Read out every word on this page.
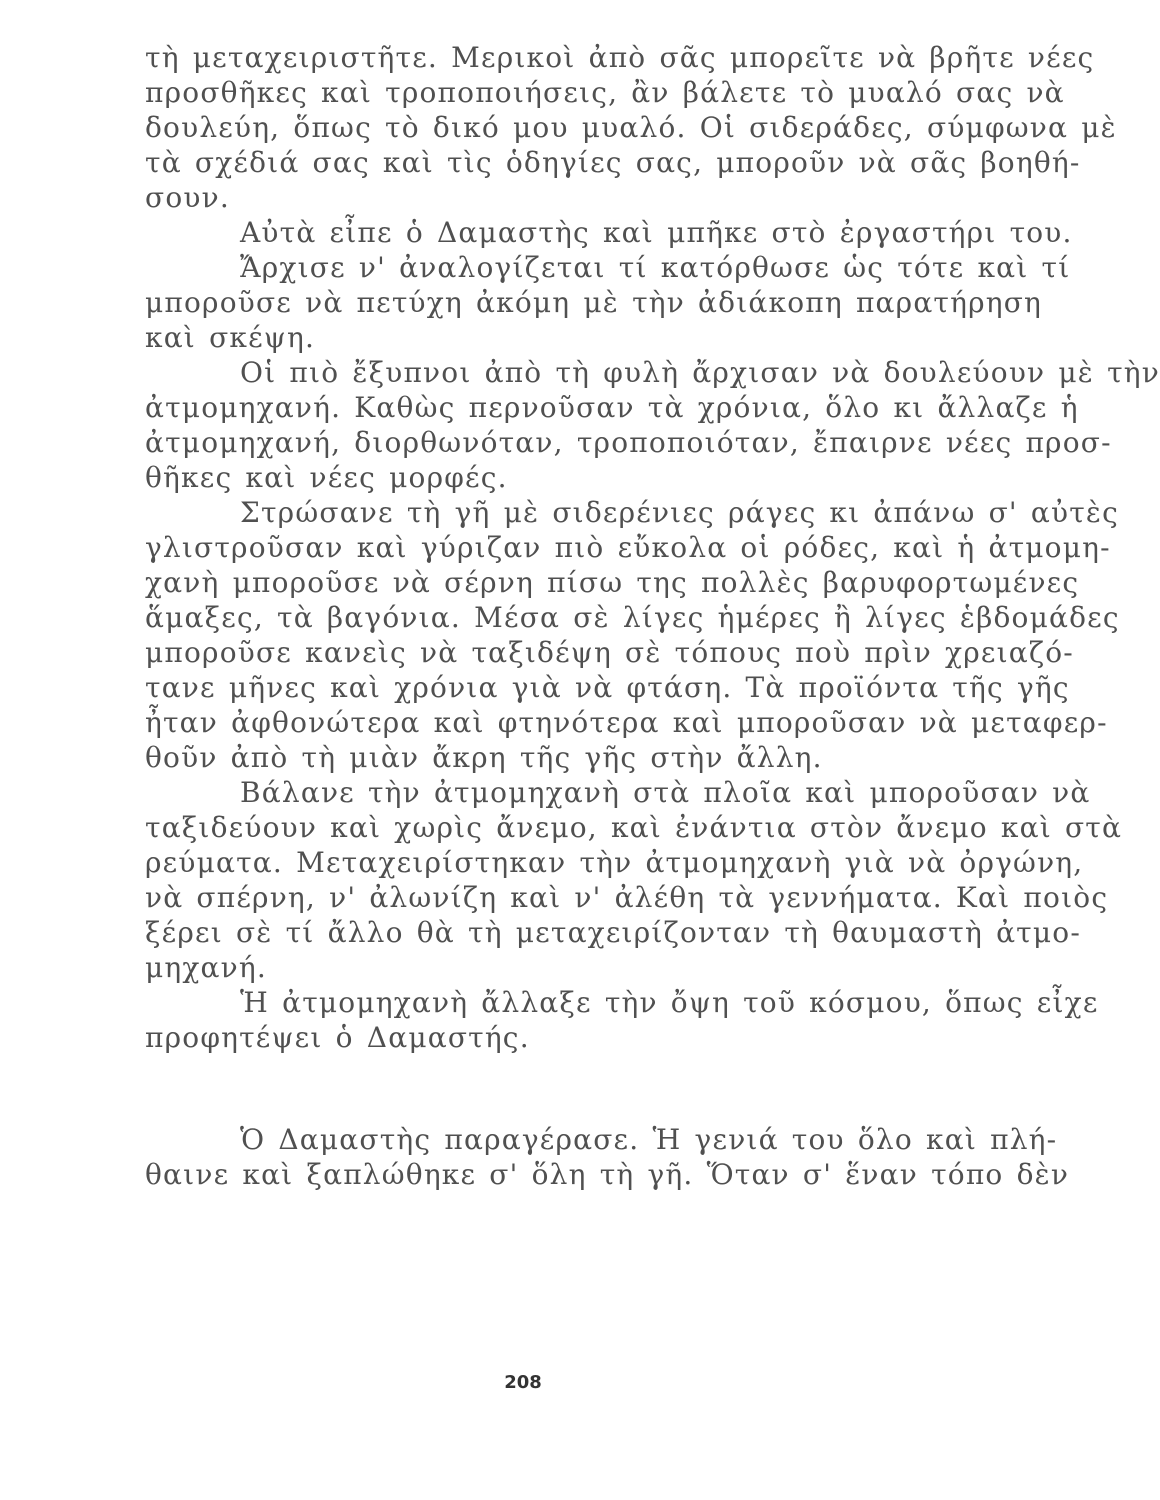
τὴ μεταχειριστῆτε. Μερικοὶ ἀπὸ σᾶς μπορεῖτε νὰ βρῆτε νέες
προσθῆκες καὶ τροποποιήσεις, ἂν βάλετε τὸ μυαλό σας νὰ
δουλεύη, ὅπως τὸ δικό μου μυαλό. Οἱ σιδεράδες, σύμφωνα μὲ
τὰ σχέδιά σας καὶ τὶς ὁδηγίες σας, μποροῦν νὰ σᾶς βοηθή-
σουν.
Αὐτὰ εἶπε ὁ Δαμαστὴς καὶ μπῆκε στὸ ἐργαστήρι του.
Ἄρχισε ν' ἀναλογίζεται τί κατόρθωσε ὡς τότε καὶ τί
μποροῦσε νὰ πετύχη ἀκόμη μὲ τὴν ἀδιάκοπη παρατήρηση
καὶ σκέψη.
Οἱ πιὸ ἔξυπνοι ἀπὸ τὴ φυλὴ ἄρχισαν νὰ δουλεύουν μὲ τὴν
ἀτμομηχανή. Καθὼς περνοῦσαν τὰ χρόνια, ὅλο κι ἄλλαζε ἡ
ἀτμομηχανή, διορθωνόταν, τροποποιόταν, ἔπαιρνε νέες προσ-
θῆκες καὶ νέες μορφές.
Στρώσανε τὴ γῆ μὲ σιδερένιες ράγες κι ἀπάνω σ' αὐτὲς
γλιστροῦσαν καὶ γύριζαν πιὸ εὔκολα οἱ ρόδες, καὶ ἡ ἀτμομη-
χανὴ μποροῦσε νὰ σέρνη πίσω της πολλὲς βαρυφορτωμένες
ἅμαξες, τὰ βαγόνια. Μέσα σὲ λίγες ἡμέρες ἢ λίγες ἑβδομάδες
μποροῦσε κανεὶς νὰ ταξιδέψη σὲ τόπους ποὺ πρὶν χρειαζό-
τανε μῆνες καὶ χρόνια γιὰ νὰ φτάση. Τὰ προϊόντα τῆς γῆς
ἦταν ἀφθονώτερα καὶ φτηνότερα καὶ μποροῦσαν νὰ μεταφερ-
θοῦν ἀπὸ τὴ μιὰν ἄκρη τῆς γῆς στὴν ἄλλη.
Βάλανε τὴν ἀτμομηχανὴ στὰ πλοῖα καὶ μποροῦσαν νὰ
ταξιδεύουν καὶ χωρὶς ἄνεμο, καὶ ἐνάντια στὸν ἄνεμο καὶ στὰ
ρεύματα. Μεταχειρίστηκαν τὴν ἀτμομηχανὴ γιὰ νὰ ὀργώνη,
νὰ σπέρνη, ν' ἀλωνίζη καὶ ν' ἀλέθη τὰ γεννήματα. Καὶ ποιὸς
ξέρει σὲ τί ἄλλο θὰ τὴ μεταχειρίζονταν τὴ θαυμαστὴ ἀτμο-
μηχανή.
Ἡ ἀτμομηχανὴ ἄλλαξε τὴν ὄψη τοῦ κόσμου, ὅπως εἶχε
προφητέψει ὁ Δαμαστής.
Ὁ Δαμαστὴς παραγέρασε. Ἡ γενιά του ὅλο καὶ πλή-
θαινε καὶ ξαπλώθηκε σ' ὅλη τὴ γῆ. Ὅταν σ' ἕναν τόπο δὲν
208
